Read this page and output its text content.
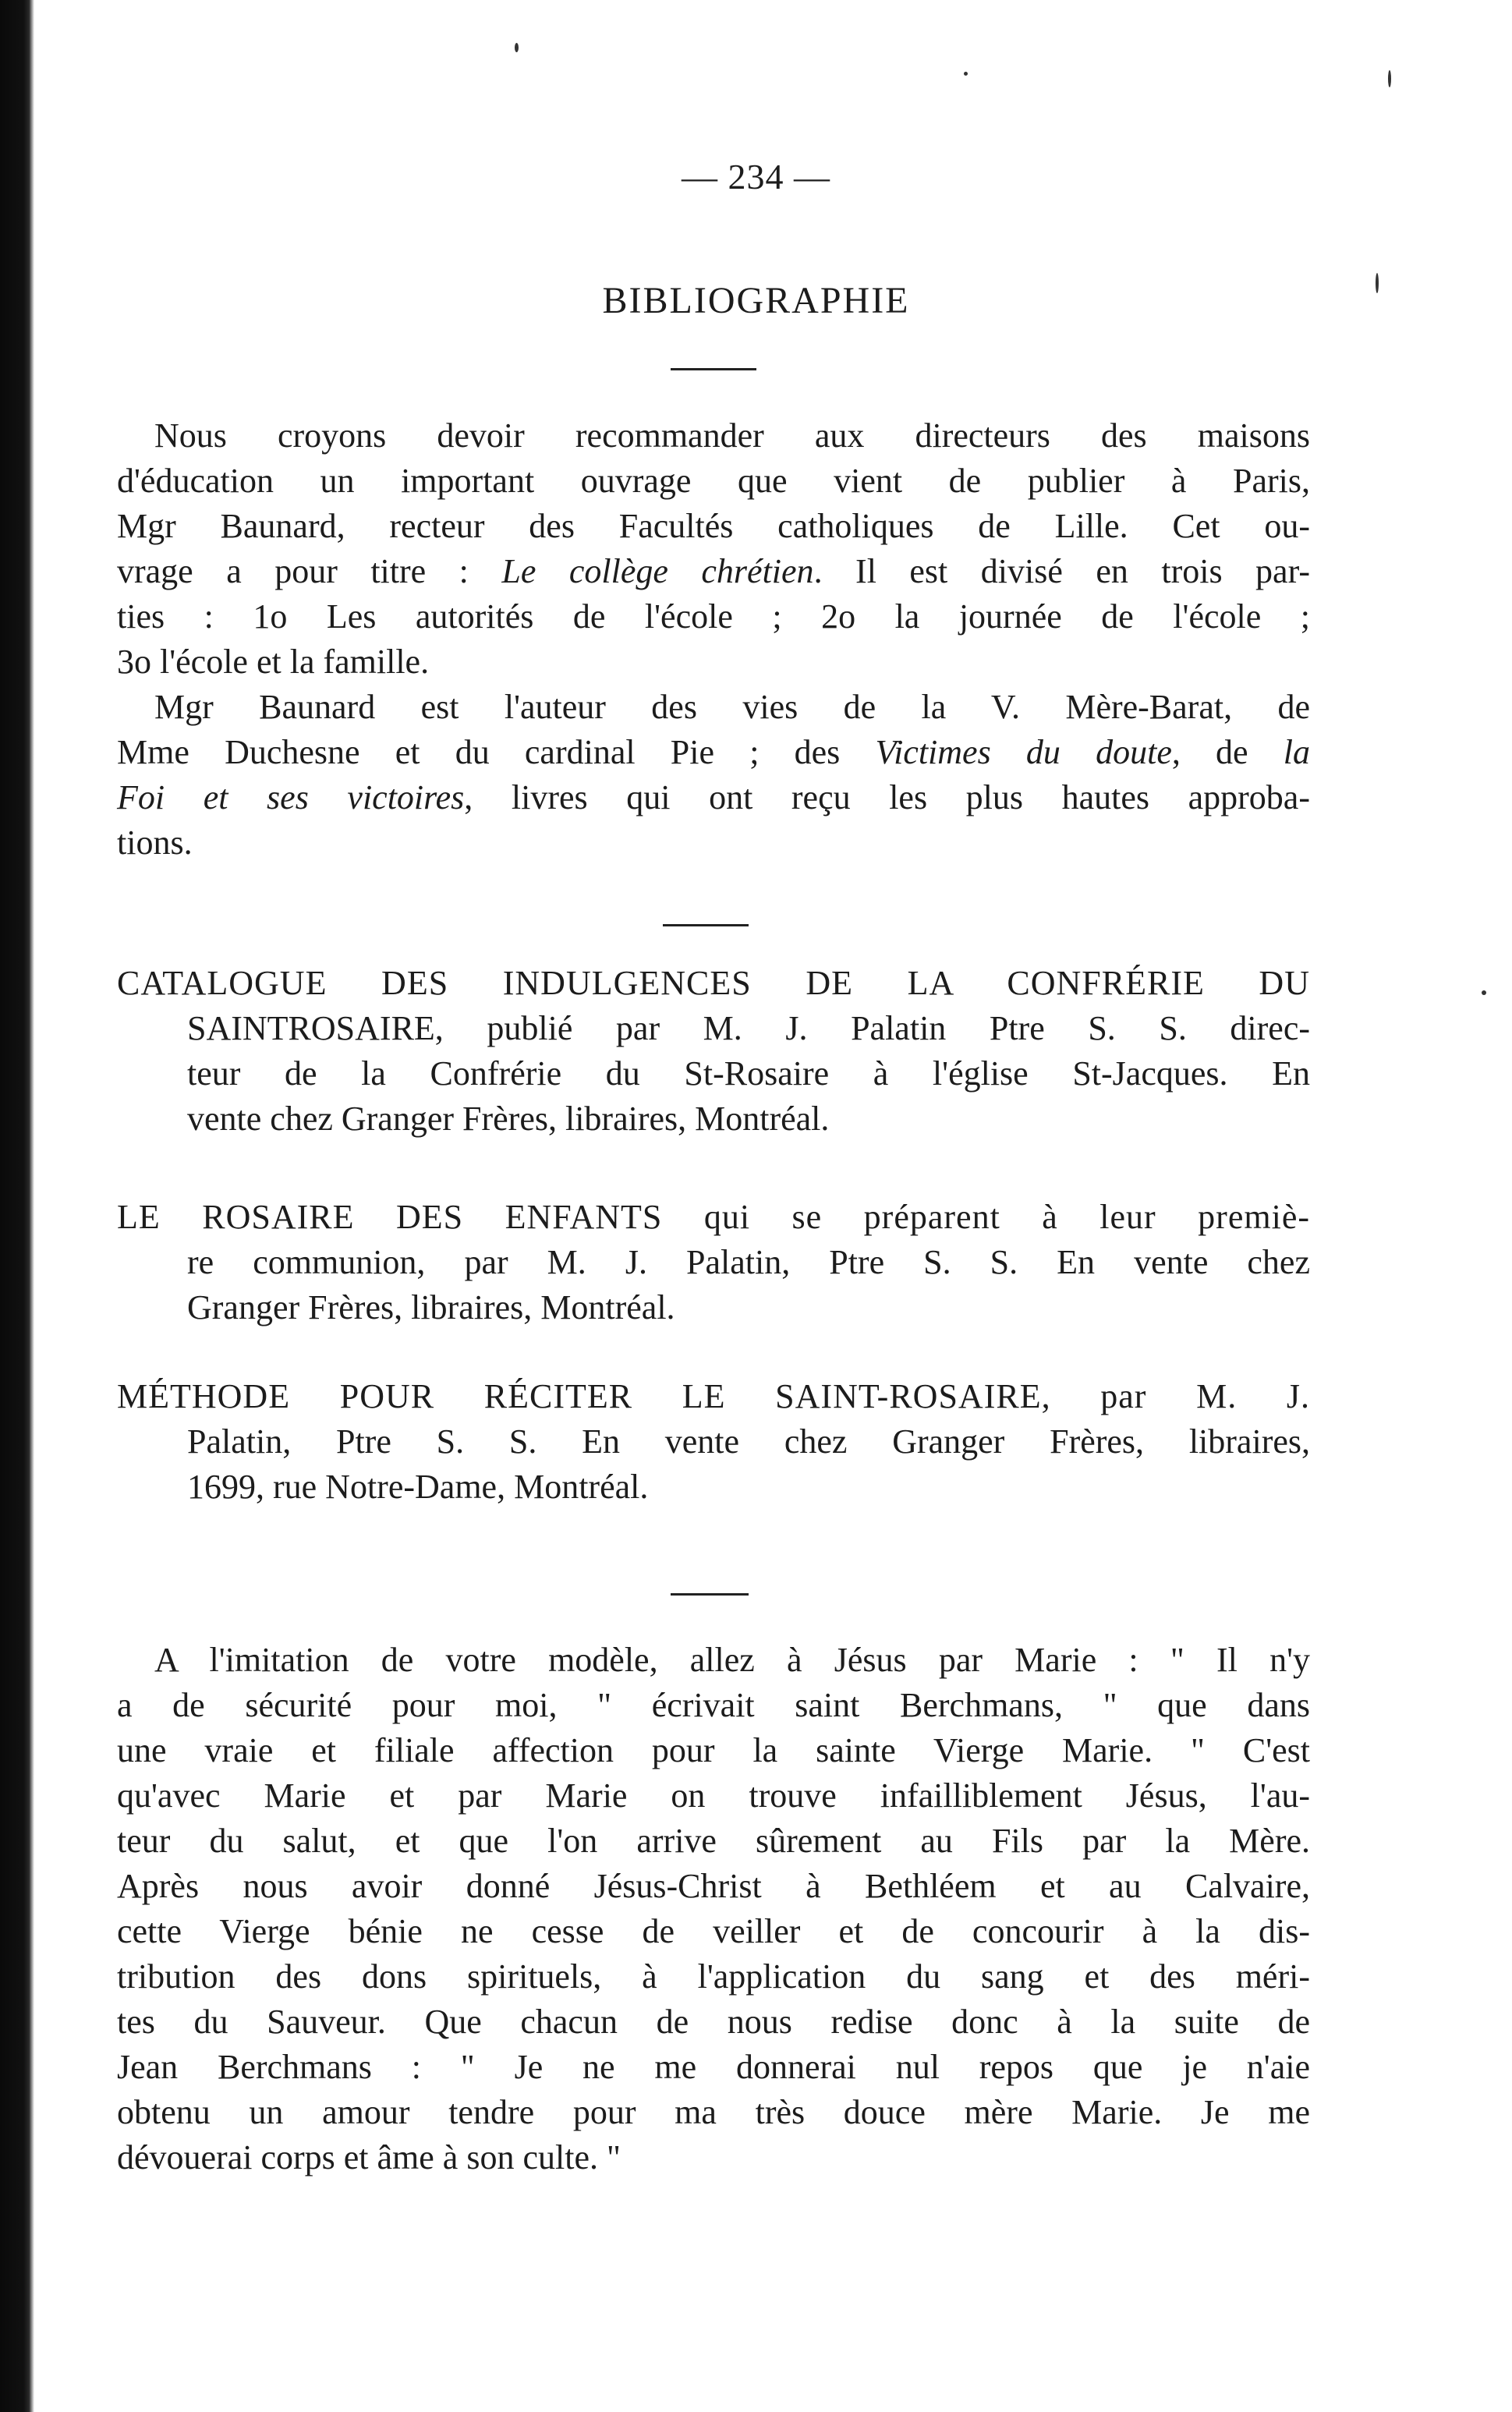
— 234 —
BIBLIOGRAPHIE
Nous croyons devoir recommander aux directeurs des maisons
d'éducation un important ouvrage que vient de publier à Paris,
Mgr Baunard, recteur des Facultés catholiques de Lille. Cet ou-
vrage a pour titre : Le collège chrétien. Il est divisé en trois par-
ties : 1o Les autorités de l'école ; 2o la journée de l'école ;
3o l'école et la famille.
Mgr Baunard est l'auteur des vies de la V. Mère-Barat, de
Mme Duchesne et du cardinal Pie ; des Victimes du doute, de la
Foi et ses victoires, livres qui ont reçu les plus hautes approba-
tions.
CATALOGUE DES INDULGENCES DE LA CONFRÉRIE DU
SAINTROSAIRE, publié par M. J. Palatin Ptre S. S. direc-
teur de la Confrérie du St-Rosaire à l'église St-Jacques. En
vente chez Granger Frères, libraires, Montréal.
LE ROSAIRE DES ENFANTS qui se préparent à leur premiè-
re communion, par M. J. Palatin, Ptre S. S. En vente chez
Granger Frères, libraires, Montréal.
MÉTHODE POUR RÉCITER LE SAINT-ROSAIRE, par M. J.
Palatin, Ptre S. S. En vente chez Granger Frères, libraires,
1699, rue Notre-Dame, Montréal.
A l'imitation de votre modèle, allez à Jésus par Marie : " Il n'y
a de sécurité pour moi, " écrivait saint Berchmans, " que dans
une vraie et filiale affection pour la sainte Vierge Marie. " C'est
qu'avec Marie et par Marie on trouve infailliblement Jésus, l'au-
teur du salut, et que l'on arrive sûrement au Fils par la Mère.
Après nous avoir donné Jésus-Christ à Bethléem et au Calvaire,
cette Vierge bénie ne cesse de veiller et de concourir à la dis-
tribution des dons spirituels, à l'application du sang et des méri-
tes du Sauveur. Que chacun de nous redise donc à la suite de
Jean Berchmans : " Je ne me donnerai nul repos que je n'aie
obtenu un amour tendre pour ma très douce mère Marie. Je me
dévouerai corps et âme à son culte. "
